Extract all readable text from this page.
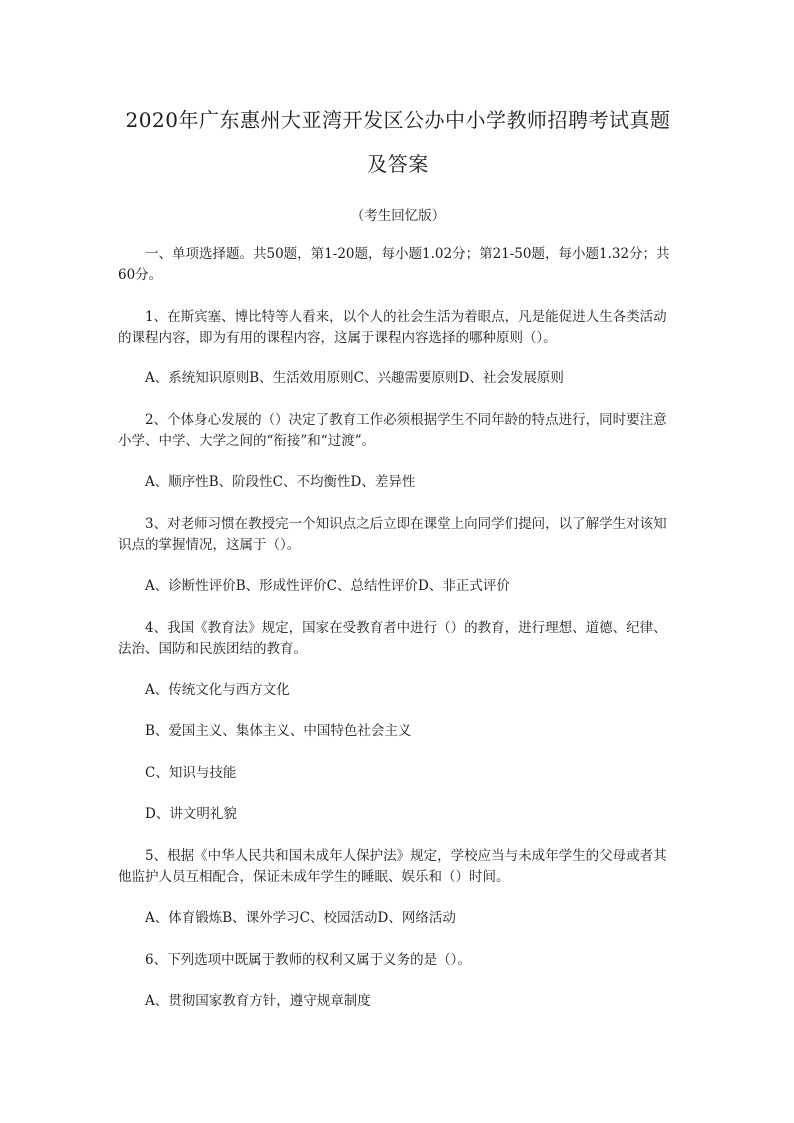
2020年广东惠州大亚湾开发区公办中小学教师招聘考试真题及答案

（考生回忆版）

一、单项选择题。共50题，第1-20题，每小题1.02分；第21-50题，每小题1.32分；共60分。

1、在斯宾塞、博比特等人看来，以个人的社会生活为着眼点，凡是能促进人生各类活动的课程内容，即为有用的课程内容，这属于课程内容选择的哪种原则（）。

A、系统知识原则B、生活效用原则C、兴趣需要原则D、社会发展原则

2、个体身心发展的（）决定了教育工作必须根据学生不同年龄的特点进行，同时要注意小学、中学、大学之间的“衔接”和“过渡”。

A、顺序性B、阶段性C、不均衡性D、差异性

3、对老师习惯在教授完一个知识点之后立即在课堂上向同学们提问，以了解学生对该知识点的掌握情况，这属于（）。

A、诊断性评价B、形成性评价C、总结性评价D、非正式评价

4、我国《教育法》规定，国家在受教育者中进行（）的教育，进行理想、道德、纪律、法治、国防和民族团结的教育。

A、传统文化与西方文化

B、爱国主义、集体主义、中国特色社会主义

C、知识与技能

D、讲文明礼貌

5、根据《中华人民共和国未成年人保护法》规定，学校应当与未成年学生的父母或者其他监护人员互相配合，保证未成年学生的睡眠、娱乐和（）时间。

A、体育锻炼B、课外学习C、校园活动D、网络活动

6、下列选项中既属于教师的权利又属于义务的是（）。

A、贯彻国家教育方针，遵守规章制度
